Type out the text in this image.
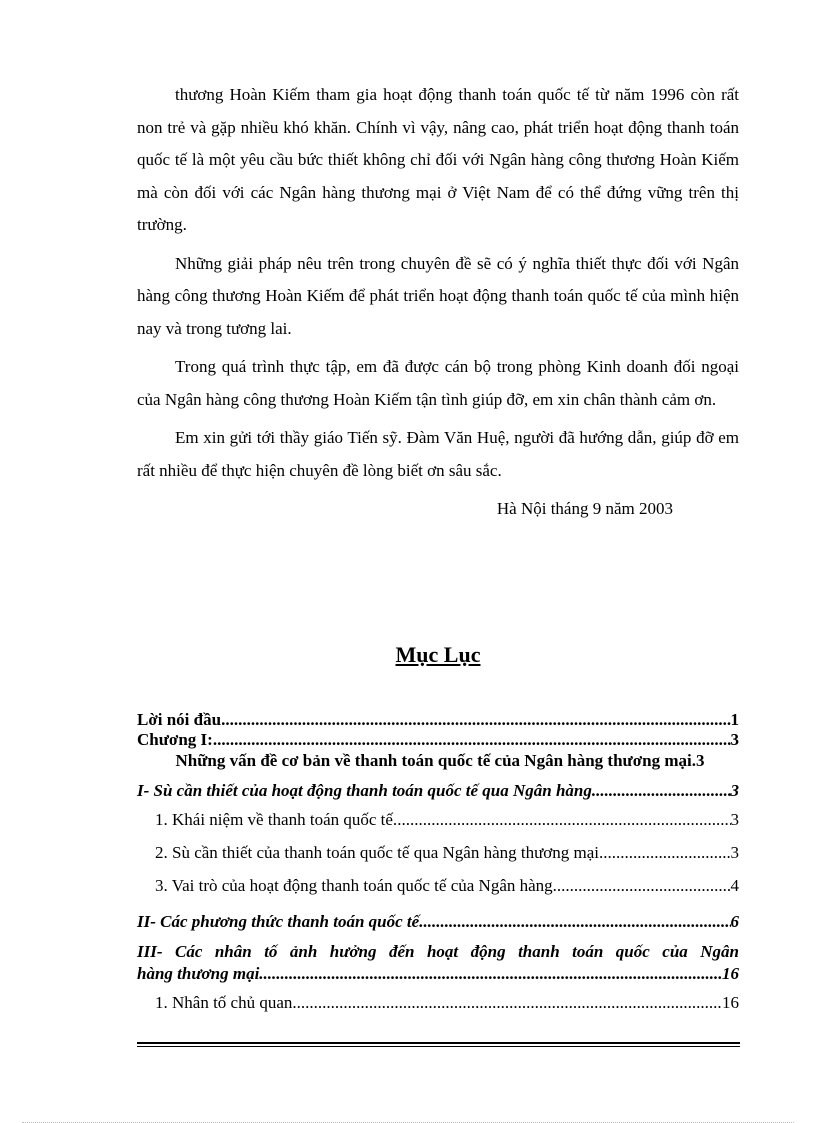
thương Hoàn Kiếm tham gia hoạt động thanh toán quốc tế từ năm 1996 còn rất non trẻ và gặp nhiều khó khăn. Chính vì vậy, nâng cao, phát triển hoạt động thanh toán quốc tế là một yêu cầu bức thiết không chỉ đối với Ngân hàng công thương Hoàn Kiếm mà còn đối với các Ngân hàng thương mại ở Việt Nam để có thể đứng vững trên thị trường.

Những giải pháp nêu trên trong chuyên đề sẽ có ý nghĩa thiết thực đối với Ngân hàng công thương Hoàn Kiếm để phát triển hoạt động thanh toán quốc tế của mình hiện nay và trong tương lai.

Trong quá trình thực tập, em đã được cán bộ trong phòng Kinh doanh đối ngoại của Ngân hàng công thương Hoàn Kiếm tận tình giúp đỡ, em xin chân thành cảm ơn.

Em xin gửi tới thầy giáo Tiến sỹ. Đàm Văn Huệ, người đã hướng dẫn, giúp đỡ em rất nhiều để thực hiện chuyên đề lòng biết ơn sâu sắc.

Hà Nội tháng 9 năm 2003

Mục Lục
Lời nói đầu .....	1
Chương I: .....	3
Những vấn đề cơ bản về thanh toán quốc tế của Ngân hàng thương mại.3
I- Sù cần thiết của hoạt động thanh toán quốc tế qua Ngân hàng. .....	3
1. Khái niệm về thanh toán quốc tế. .....	3
2. Sù cần thiết của thanh toán quốc tế qua Ngân hàng thương mại. .....	3
3. Vai trò của hoạt động thanh toán quốc tế của Ngân hàng. .....	4
II- Các phương thức thanh toán quốc tế .....	6
III- Các nhân tố ảnh hưởng đến hoạt động thanh toán quốc của Ngân
hàng thương mại .....	16
1. Nhân tố chủ quan .....	16
